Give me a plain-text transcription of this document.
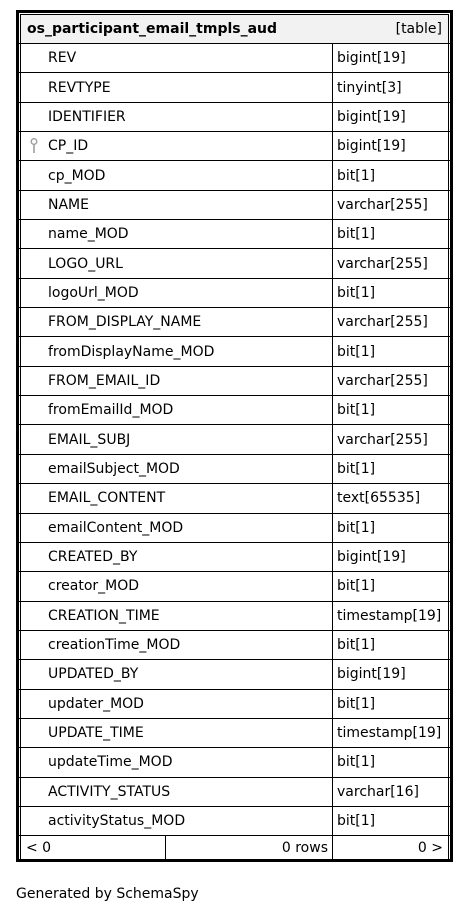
os_participant_email_tmpls_aud	[table]
REV	bigint[19]
REVTYPE	tinyint[3]
IDENTIFIER	bigint[19]
CP_ID	bigint[19]
cp_MOD	bit[1]
NAME	varchar[255]
name_MOD	bit[1]
LOGO_URL	varchar[255]
logoUrl_MOD	bit[1]
FROM_DISPLAY_NAME	varchar[255]
fromDisplayName_MOD	bit[1]
FROM_EMAIL_ID	varchar[255]
fromEmailId_MOD	bit[1]
EMAIL_SUBJ	varchar[255]
emailSubject_MOD	bit[1]
EMAIL_CONTENT	text[65535]
emailContent_MOD	bit[1]
CREATED_BY	bigint[19]
creator_MOD	bit[1]
CREATION_TIME	timestamp[19]
creationTime_MOD	bit[1]
UPDATED_BY	bigint[19]
updater_MOD	bit[1]
UPDATE_TIME	timestamp[19]
updateTime_MOD	bit[1]
ACTIVITY_STATUS	varchar[16]
activityStatus_MOD	bit[1]
< 0	0 rows	0 >
Generated by SchemaSpy
